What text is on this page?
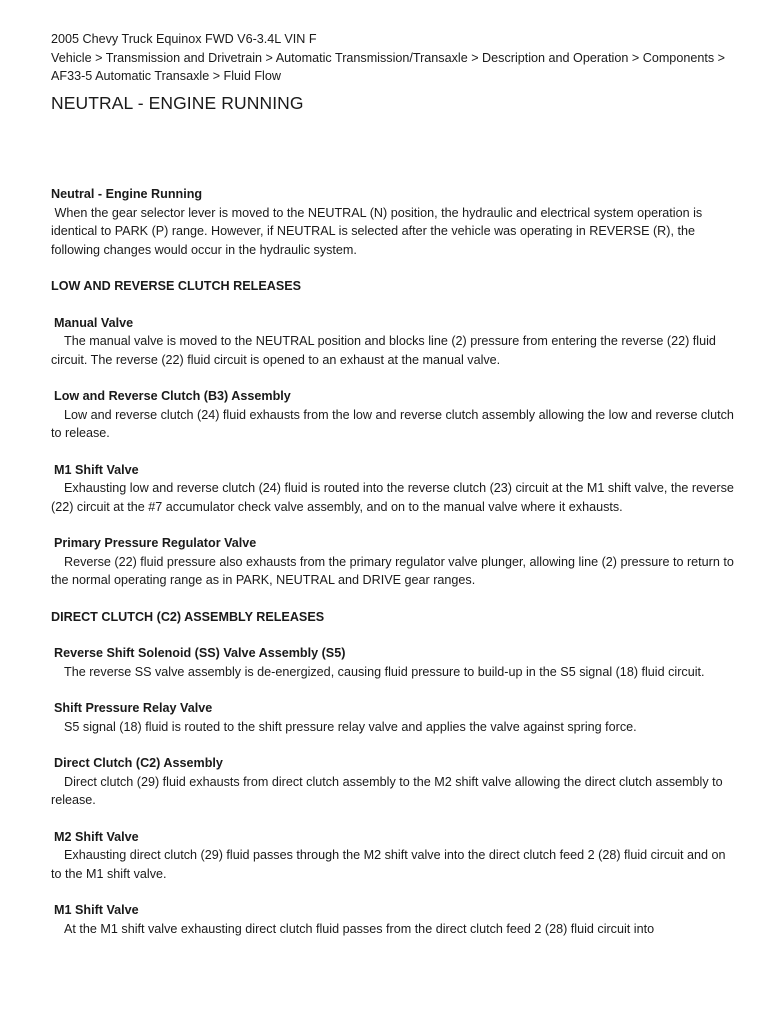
2005 Chevy Truck Equinox FWD V6-3.4L VIN F

Vehicle > Transmission and Drivetrain > Automatic Transmission/Transaxle > Description and Operation > Components > AF33-5 Automatic Transaxle > Fluid Flow

NEUTRAL - ENGINE RUNNING

Neutral - Engine Running

When the gear selector lever is moved to the NEUTRAL (N) position, the hydraulic and electrical system operation is identical to PARK (P) range. However, if NEUTRAL is selected after the vehicle was operating in REVERSE (R), the following changes would occur in the hydraulic system.

LOW AND REVERSE CLUTCH RELEASES

Manual Valve

The manual valve is moved to the NEUTRAL position and blocks line (2) pressure from entering the reverse (22) fluid circuit. The reverse (22) fluid circuit is opened to an exhaust at the manual valve.

Low and Reverse Clutch (B3) Assembly

Low and reverse clutch (24) fluid exhausts from the low and reverse clutch assembly allowing the low and reverse clutch to release.

M1 Shift Valve

Exhausting low and reverse clutch (24) fluid is routed into the reverse clutch (23) circuit at the M1 shift valve, the reverse (22) circuit at the #7 accumulator check valve assembly, and on to the manual valve where it exhausts.

Primary Pressure Regulator Valve

Reverse (22) fluid pressure also exhausts from the primary regulator valve plunger, allowing line (2) pressure to return to the normal operating range as in PARK, NEUTRAL and DRIVE gear ranges.

DIRECT CLUTCH (C2) ASSEMBLY RELEASES

Reverse Shift Solenoid (SS) Valve Assembly (S5)

The reverse SS valve assembly is de-energized, causing fluid pressure to build-up in the S5 signal (18) fluid circuit.

Shift Pressure Relay Valve

S5 signal (18) fluid is routed to the shift pressure relay valve and applies the valve against spring force.

Direct Clutch (C2) Assembly

Direct clutch (29) fluid exhausts from direct clutch assembly to the M2 shift valve allowing the direct clutch assembly to release.

M2 Shift Valve

Exhausting direct clutch (29) fluid passes through the M2 shift valve into the direct clutch feed 2 (28) fluid circuit and on to the M1 shift valve.

M1 Shift Valve

At the M1 shift valve exhausting direct clutch fluid passes from the direct clutch feed 2 (28) fluid circuit into
